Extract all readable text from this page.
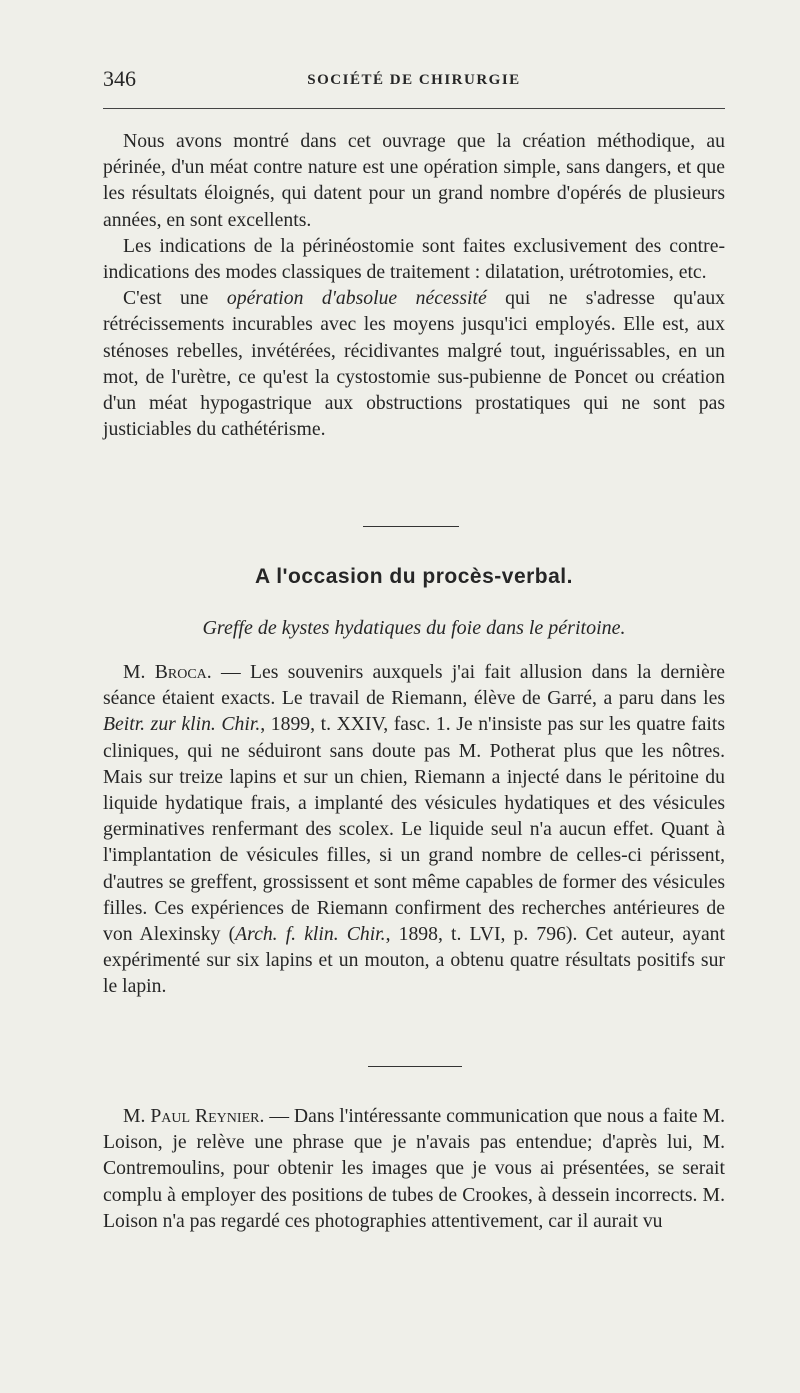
346	SOCIÉTÉ DE CHIRURGIE

Nous avons montré dans cet ouvrage que la création méthodique, au périnée, d'un méat contre nature est une opération simple, sans dangers, et que les résultats éloignés, qui datent pour un grand nombre d'opérés de plusieurs années, en sont excellents.

Les indications de la périnéostomie sont faites exclusivement des contre-indications des modes classiques de traitement : dilatation, urétrotomies, etc.

C'est une opération d'absolue nécessité qui ne s'adresse qu'aux rétrécissements incurables avec les moyens jusqu'ici employés. Elle est, aux sténoses rebelles, invétérées, récidivantes malgré tout, inguérissables, en un mot, de l'urètre, ce qu'est la cystostomie sus-pubienne de Poncet ou création d'un méat hypogastrique aux obstructions prostatiques qui ne sont pas justiciables du cathétérisme.

A l'occasion du procès-verbal.
Greffe de kystes hydatiques du foie dans le péritoine.

M. Broca. — Les souvenirs auxquels j'ai fait allusion dans la dernière séance étaient exacts. Le travail de Riemann, élève de Garré, a paru dans les Beitr. zur klin. Chir., 1899, t. XXIV, fasc. 1. Je n'insiste pas sur les quatre faits cliniques, qui ne séduiront sans doute pas M. Potherat plus que les nôtres. Mais sur treize lapins et sur un chien, Riemann a injecté dans le péritoine du liquide hydatique frais, a implanté des vésicules hydatiques et des vésicules germinatives renfermant des scolex. Le liquide seul n'a aucun effet. Quant à l'implantation de vésicules filles, si un grand nombre de celles-ci périssent, d'autres se greffent, grossissent et sont même capables de former des vésicules filles. Ces expériences de Riemann confirment des recherches antérieures de von Alexinsky (Arch. f. klin. Chir., 1898, t. LVI, p. 796). Cet auteur, ayant expérimenté sur six lapins et un mouton, a obtenu quatre résultats positifs sur le lapin.

M. Paul Reynier. — Dans l'intéressante communication que nous a faite M. Loison, je relève une phrase que je n'avais pas entendue; d'après lui, M. Contremoulins, pour obtenir les images que je vous ai présentées, se serait complu à employer des positions de tubes de Crookes, à dessein incorrects. M. Loison n'a pas regardé ces photographies attentivement, car il aurait vu
